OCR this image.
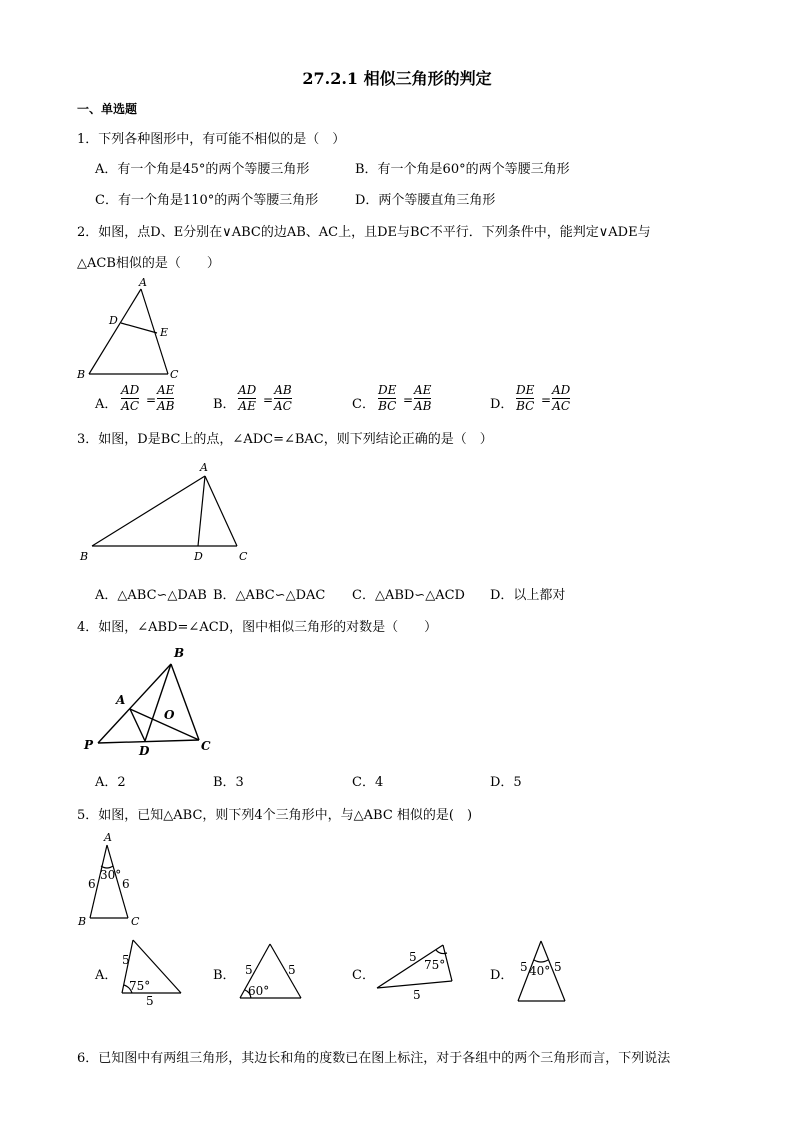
27.2.1 相似三角形的判定
一、单选题
1．下列各种图形中，有可能不相似的是（　）
A．有一个角是45°的两个等腰三角形	B．有一个角是60°的两个等腰三角形
C．有一个角是110°的两个等腰三角形	D．两个等腰直角三角形
2．如图，点D、E分别在∨ABC的边AB、AC上，且DE与BC不平行．下列条件中，能判定∨ADE与
△ACB相似的是（　　）
A
D
E
B	C
A．
AD
AC =
AE
AB	B．
AD
AE =
AB
AC	C．
DE
BC =
AE
AB	D．
DE
BC =
AD
AC
3．如图，D是BC上的点，∠ADC=∠BAC，则下列结论正确的是（　）
A
B	D	C
A．△ABC∽△DAB B．△ABC∽△DAC C．△ABD∽△ACD D．以上都对
4．如图，∠ABD=∠ACD，图中相似三角形的对数是（　　）
B
A
O
P	D	C
A．2	B．3	C．4	D．5
5．如图，已知△ABC，则下列4个三角形中，与△ABC 相似的是(　)
A
B	C
6 6
30°
5
5
75°
5	5
60°
5
5
75°	5 5
40°
A．	B．	C．	D．
6．已知图中有两组三角形，其边长和角的度数已在图上标注，对于各组中的两个三角形而言，下列说法
